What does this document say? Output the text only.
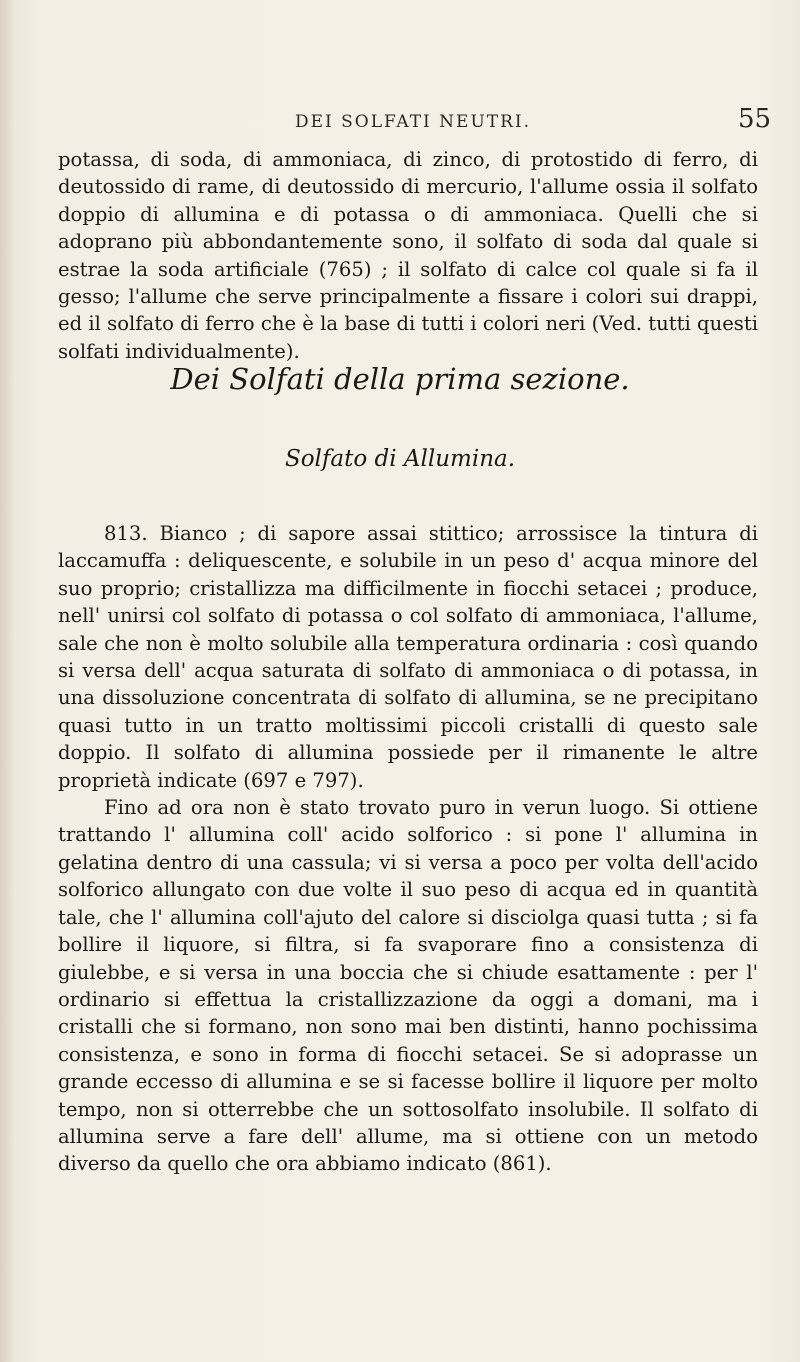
DEI SOLFATI NEUTRI.	55

potassa, di soda, di ammoniaca, di zinco, di protostido di ferro, di deutossido di rame, di deutossido di mercurio, l'allume ossia il solfato doppio di allumina e di potassa o di ammoniaca. Quelli che si adoprano più abbondantemente sono, il solfato di soda dal quale si estrae la soda artificiale (765) ; il solfato di calce col quale si fa il gesso; l'allume che serve principalmente a fissare i colori sui drappi, ed il solfato di ferro che è la base di tutti i colori neri (Ved. tutti questi solfati individualmente).

Dei Solfati della prima sezione.
Solfato di Allumina.

813. Bianco ; di sapore assai stittico; arrossisce la tintura di laccamuffa : deliquescente, e solubile in un peso d' acqua minore del suo proprio; cristallizza ma difficilmente in fiocchi setacei ; produce, nell' unirsi col solfato di potassa o col solfato di ammoniaca, l'allume, sale che non è molto solubile alla temperatura ordinaria : così quando si versa dell' acqua saturata di solfato di ammoniaca o di potassa, in una dissoluzione concentrata di solfato di allumina, se ne precipitano quasi tutto in un tratto moltissimi piccoli cristalli di questo sale doppio. Il solfato di allumina possiede per il rimanente le altre proprietà indicate (697 e 797).

Fino ad ora non è stato trovato puro in verun luogo. Si ottiene trattando l' allumina coll' acido solforico : si pone l' allumina in gelatina dentro di una cassula; vi si versa a poco per volta dell'acido solforico allungato con due volte il suo peso di acqua ed in quantità tale, che l' allumina coll'ajuto del calore si disciolga quasi tutta ; si fa bollire il liquore, si filtra, si fa svaporare fino a consistenza di giulebbe, e si versa in una boccia che si chiude esattamente : per l' ordinario si effettua la cristallizzazione da oggi a domani, ma i cristalli che si formano, non sono mai ben distinti, hanno pochissima consistenza, e sono in forma di fiocchi setacei. Se si adoprasse un grande eccesso di allumina e se si facesse bollire il liquore per molto tempo, non si otterrebbe che un sottosolfato insolubile. Il solfato di allumina serve a fare dell' allume, ma si ottiene con un metodo diverso da quello che ora abbiamo indicato (861).
